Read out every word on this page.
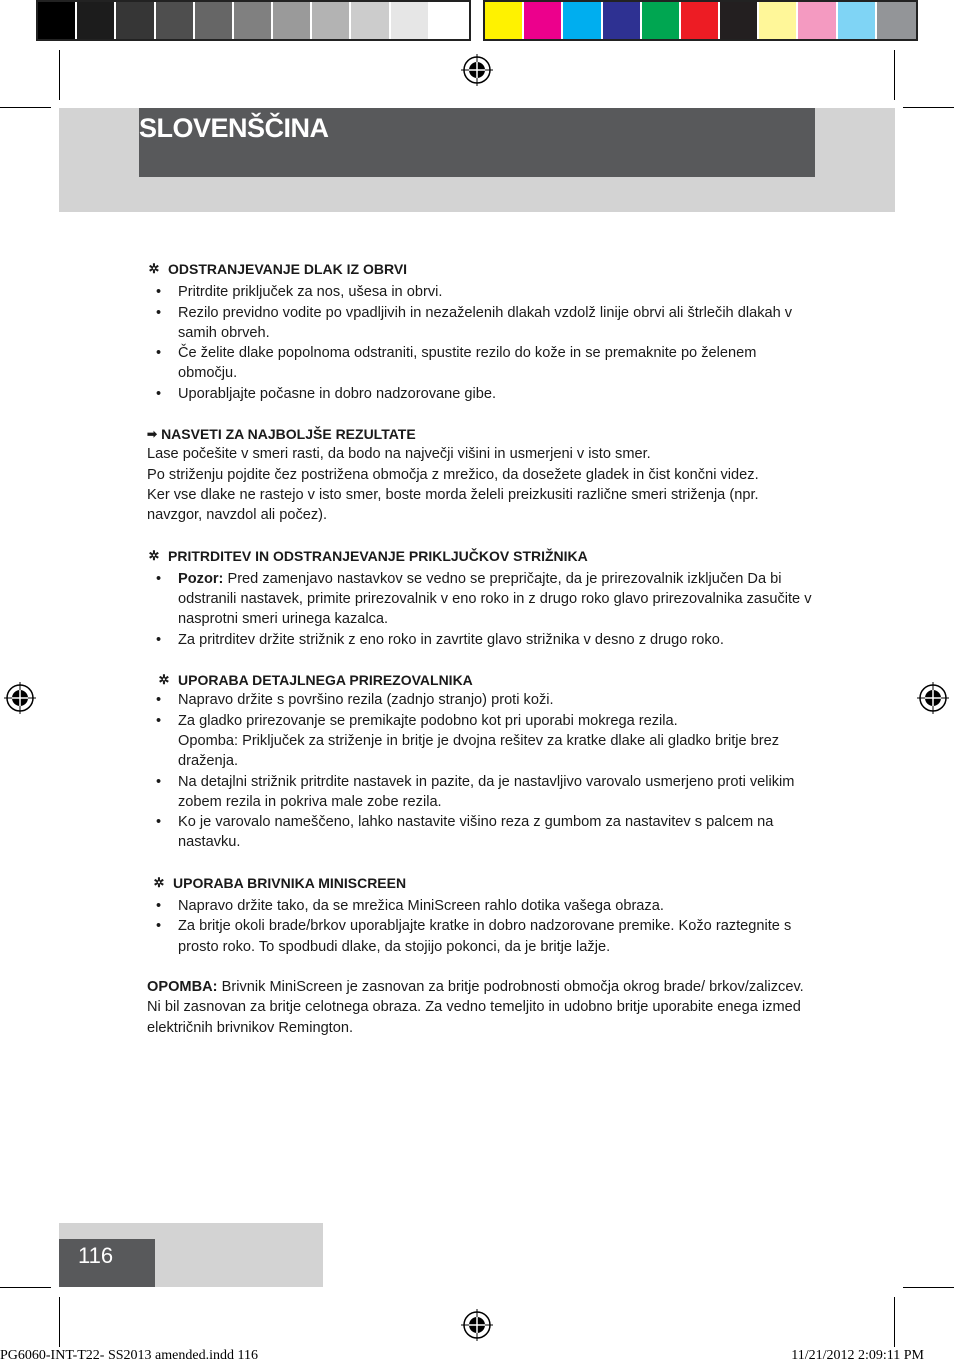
SLOVENŠČINA
✲ ODSTRANJEVANJE DLAK IZ OBRVI
• Pritrdite priključek za nos, ušesa in obrvi.
• Rezilo previdno vodite po vpadljivih in nezaželenih dlakah vzdolž linije obrvi ali štrlečih dlakah v samih obrveh.
• Če želite dlake popolnoma odstraniti, spustite rezilo do kože in se premaknite po želenem območju.
• Uporabljajte počasne in dobro nadzorovane gibe.
➡ NASVETI ZA NAJBOLJŠE REZULTATE

Lase počešite v smeri rasti, da bodo na največji višini in usmerjeni v isto smer.

Po striženju pojdite čez postrižena območja z mrežico, da dosežete gladek in čist končni videz.

Ker vse dlake ne rastejo v isto smer, boste morda želeli preizkusiti različne smeri striženja (npr. navzgor, navzdol ali počez).

✲ PRITRDITEV IN ODSTRANJEVANJE PRIKLJUČKOV STRIŽNIKA
• Pozor: Pred zamenjavo nastavkov se vedno se prepričajte, da je prirezovalnik izključen Da bi odstranili nastavek, primite prirezovalnik v eno roko in z drugo roko glavo prirezovalnika zasučite v nasprotni smeri urinega kazalca.
• Za pritrditev držite strižnik z eno roko in zavrtite glavo strižnika v desno z drugo roko.
✲ UPORABA DETAJLNEGA PRIREZOVALNIKA
• Napravo držite s površino rezila (zadnjo stranjo) proti koži.
• Za gladko prirezovanje se premikajte podobno kot pri uporabi mokrega rezila.
Opomba: Priključek za striženje in britje je dvojna rešitev za kratke dlake ali gladko britje brez draženja.
• Na detajlni strižnik pritrdite nastavek in pazite, da je nastavljivo varovalo usmerjeno proti velikim zobem rezila in pokriva male zobe rezila.
• Ko je varovalo nameščeno, lahko nastavite višino reza z gumbom za nastavitev s palcem na nastavku.
✲ UPORABA BRIVNIKA MINISCREEN
• Napravo držite tako, da se mrežica MiniScreen rahlo dotika vašega obraza.
• Za britje okoli brade/brkov uporabljajte kratke in dobro nadzorovane premike. Kožo raztegnite s prosto roko. To spodbudi dlake, da stojijo pokonci, da je britje lažje.

OPOMBA: Brivnik MiniScreen je zasnovan za britje podrobnosti območja okrog brade/ brkov/zalizcev. Ni bil zasnovan za britje celotnega obraza. Za vedno temeljito in udobno britje uporabite enega izmed električnih brivnikov Remington.

116
PG6060-INT-T22- SS2013 amended.indd 116	11/21/2012 2:09:11 PM
